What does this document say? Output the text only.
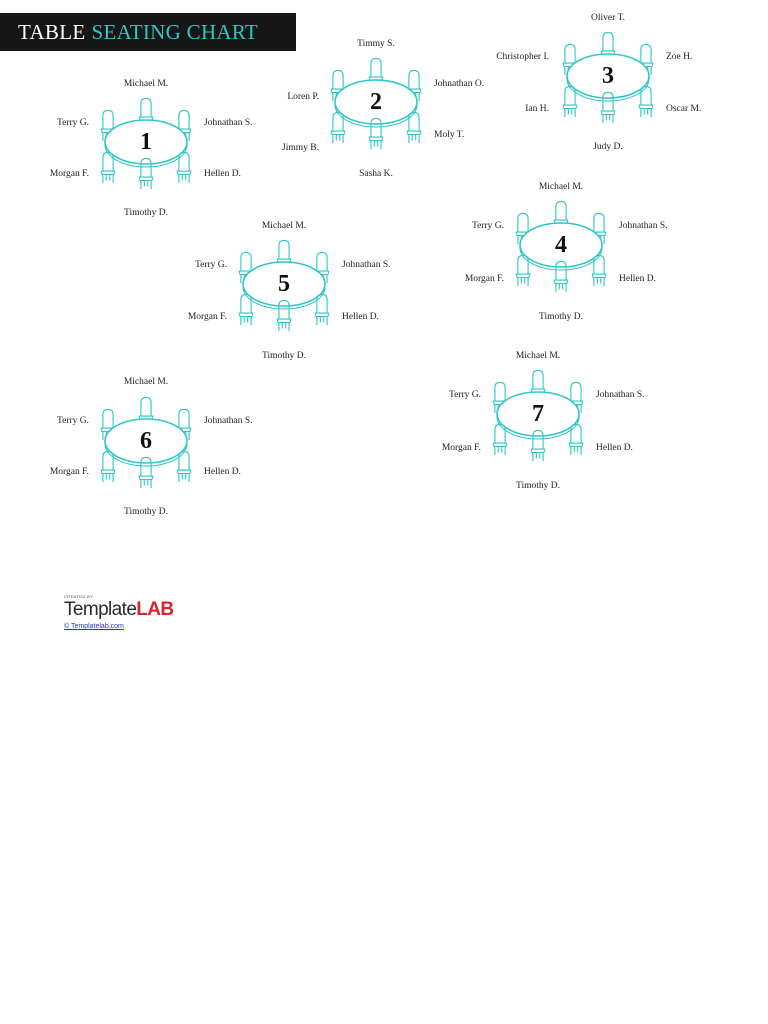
TABLE SEATING CHART
1
Michael M.
Terry G.	Johnathan S.
Morgan F.	Hellen D.
Timothy D.
2
Timmy S.
Loren P.
Johnathan O.
Jimmy B.
Moly T.
Sasha K.
3
Oliver T.
Christopher I.	Zoe H.
Ian H.	Oscar M.
Judy D.
4
Michael M.
Terry G.	Johnathan S.
Morgan F.	Hellen D.
Timothy D.
5
Michael M.
Terry G.	Johnathan S.
Morgan F.	Hellen D.
Timothy D.
6
Michael M.
Terry G.	Johnathan S.
Morgan F.	Hellen D.
Timothy D.
7
Michael M.
Terry G.	Johnathan S.
Morgan F.	Hellen D.
Timothy D.
CREATED BY
TemplateLAB
© Templatelab.com
